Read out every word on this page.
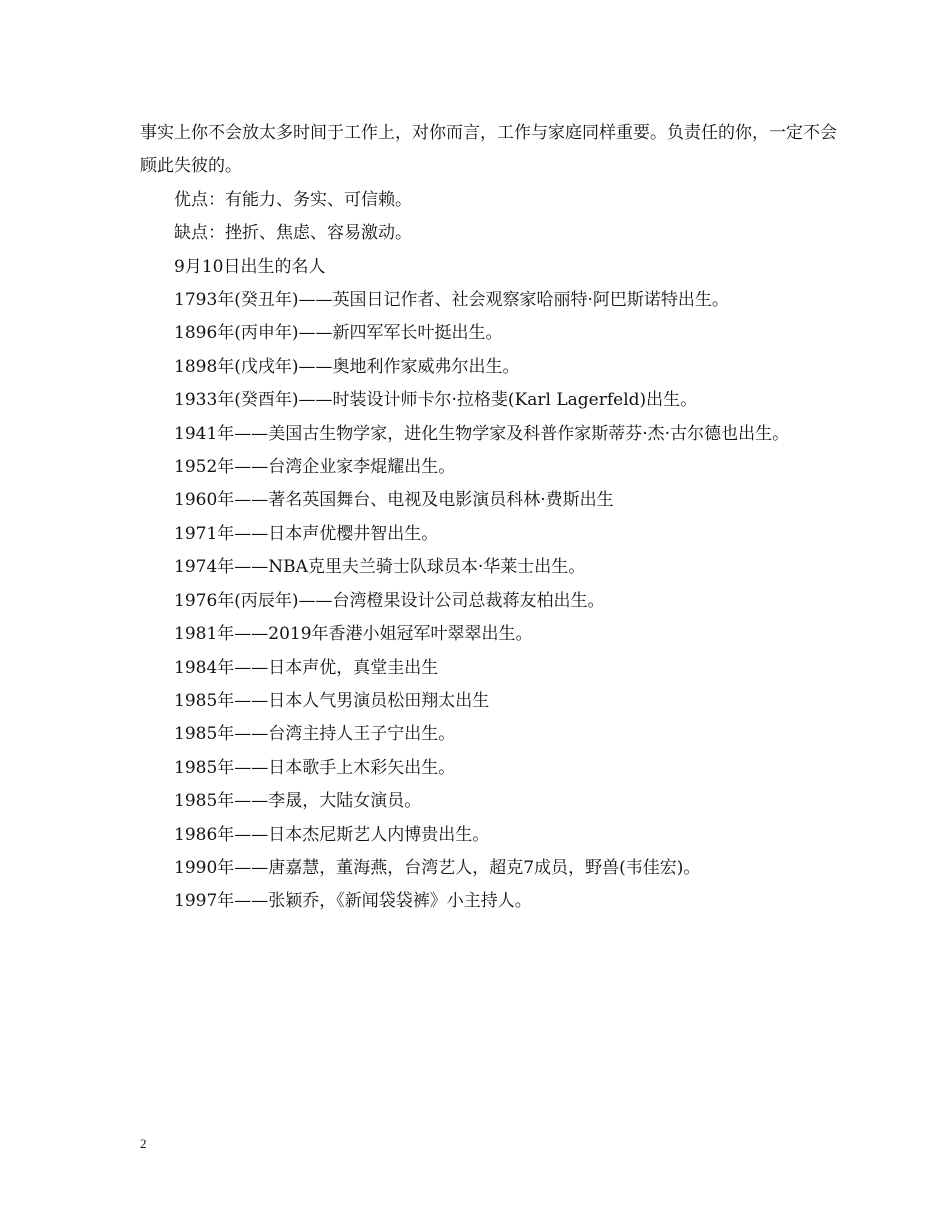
事实上你不会放太多时间于工作上，对你而言，工作与家庭同样重要。负责任的你，一定不会顾此失彼的。

优点：有能力、务实、可信赖。

缺点：挫折、焦虑、容易激动。

9月10日出生的名人

1793年(癸丑年)——英国日记作者、社会观察家哈丽特·阿巴斯诺特出生。

1896年(丙申年)——新四军军长叶挺出生。

1898年(戊戌年)——奥地利作家威弗尔出生。

1933年(癸酉年)——时装设计师卡尔·拉格斐(Karl Lagerfeld)出生。

1941年——美国古生物学家，进化生物学家及科普作家斯蒂芬·杰·古尔德也出生。

1952年——台湾企业家李焜耀出生。

1960年——著名英国舞台、电视及电影演员科林·费斯出生

1971年——日本声优樱井智出生。

1974年——NBA克里夫兰骑士队球员本·华莱士出生。

1976年(丙辰年)——台湾橙果设计公司总裁蒋友柏出生。

1981年——2019年香港小姐冠军叶翠翠出生。

1984年——日本声优，真堂圭出生

1985年——日本人气男演员松田翔太出生

1985年——台湾主持人王子宁出生。

1985年——日本歌手上木彩矢出生。

1985年——李晟，大陆女演员。

1986年——日本杰尼斯艺人内博贵出生。

1990年——唐嘉慧，董海燕，台湾艺人，超克7成员，野兽(韦佳宏)。

1997年——张颖乔，《新闻袋袋裤》小主持人。

2
